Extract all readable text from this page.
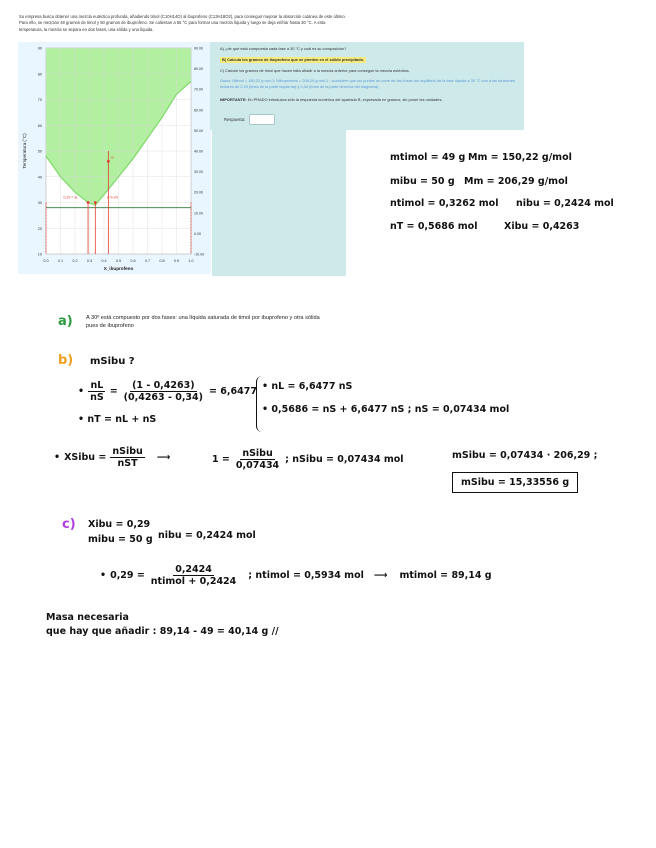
Su empresa busca obtener una mezcla eutéctica profunda, añadiendo timol (C10H14O) al ibuprofeno (C13H18O2), para conseguir mejorar la absorción cutánea de este último. Para ello, se mezclan 49 gramos de timol y 50 gramos de ibuprofeno. Se calientan a 55 °C para formar una mezcla líquida y luego se deja enfriar hasta 30 °C. A esta temperatura, la mezcla se separa en dos fases, una sólida y una líquida.
0.0 0.1 0.2 0.3 0.4 0.5 0.6 0.7 0.8 0.9 1.0
10
20
30
40
50
60
70
80
90
-10.00
0.00
10.00
20.00
30.00
40.00
50.00
60.00
70.00
80.00
90.00
0,29 = xL	x=0,34
α
X_ibuprofeno
Temperatura (°C)
A) ¿de qué está compuesta cada fase a 30 °C y cuál es su composición?
B) Calcula los gramos de ibuprofeno que se pierden en el sólido precipitado.
C) Calcule los gramos de timol que hacen falta añadir a la mezcla anterior para conseguir la mezcla eutéctica.
Datos: Mtimol = 150,22 g mol-1; Mibuprofeno = 206,29 g mol-1 ; considere que los puntos de corte de las líneas del equilibrio de la fase líquida a 30 °C con a las funciones molares de 0,29 (línea de la parte izquierda) y 0,34 (línea de la parte derecha del diagrama).
IMPORTANTE: En PRADO introduzca sólo la respuesta numérica del apartado B, expresada en gramos, sin poner las unidades.
Respuesta:
mtimol = 49 g Mm = 150,22 g/mol
mibu = 50 g Mm = 206,29 g/mol
ntimol = 0,3262 mol nibu = 0,2424 mol
nT = 0,5686 mol	Xibu = 0,4263
a) A 30º está compuesto por dos fases: una líquida saturada de timol por ibuprofeno y otra sólida pues de ibuprofeno
b) mSibu ?
• $\frac{nL}{nS} = \frac{(1 - 0,4263)}{(0,4263 - 0,34)} = 6,6477$
• nT = nL + nS
• nL = 6,6477 nS
• 0,5686 = nS + 6,6477 nS ; nS = 0,07434 mol
• XSibu = $\frac{\text{nSibu}}{\text{nST}}$ ⟶	$1 = \frac{\text{nSibu}}{0,07434}$ ; nSibu = 0,07434 mol	mSibu = 0,07434 · 206,29 ;
mSibu = 15,33556 g
c) Xibu = 0,29
mibu = 50 g nibu = 0,2424 mol
• $0,29 = \frac{0,2424}{\text{ntimol + 0,2424}}$ ; ntimol = 0,5934 mol ⟶ mtimol = 89,14 g
Masa necesaria
que hay que añadir : 89,14 - 49 = 40,14 g //
